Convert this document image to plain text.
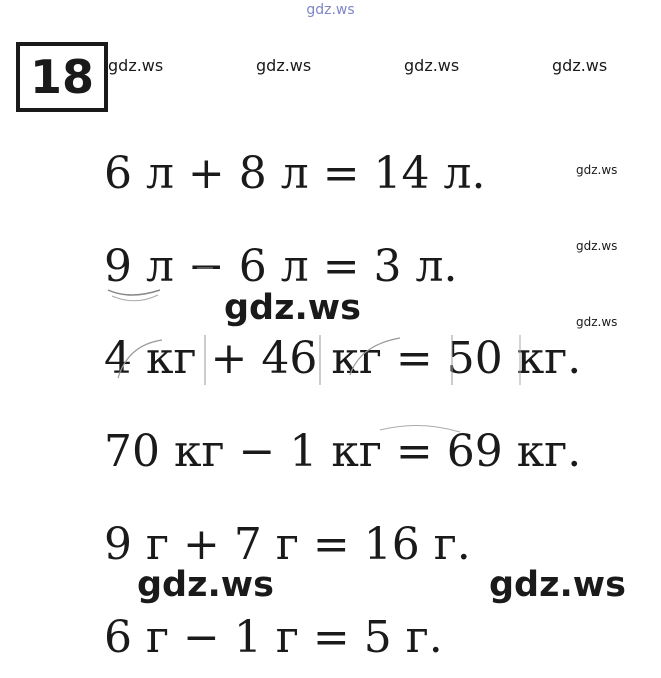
gdz.ws
18 gdz.ws	gdz.ws	gdz.ws	gdz.ws
6 л + 8 л = 14 л.
9 л − 6 л = 3 л.
4 кг + 46 кг = 50 кг.
70 кг − 1 кг = 69 кг.
9 г + 7 г = 16 г.
6 г − 1 г = 5 г.
gdz.ws
gdz.ws
gdz.ws
gdz.ws
gdz.ws	gdz.ws
